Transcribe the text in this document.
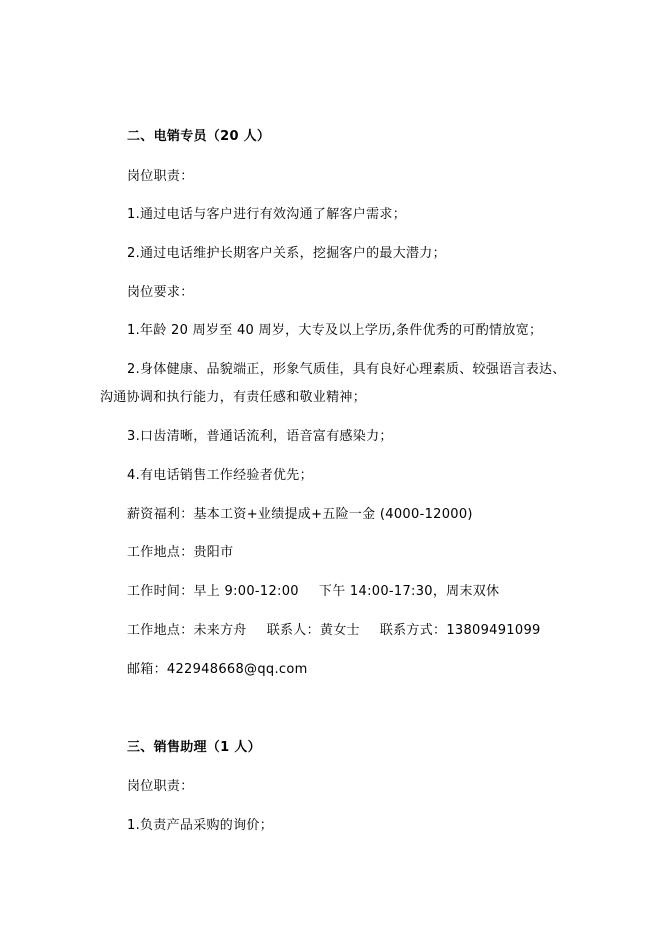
二、电销专员（20 人）
岗位职责：
1.通过电话与客户进行有效沟通了解客户需求；
2.通过电话维护长期客户关系，挖掘客户的最大潜力；
岗位要求：
1.年龄 20 周岁至 40 周岁，大专及以上学历,条件优秀的可酌情放宽；
2.身体健康、品貌端正，形象气质佳，具有良好心理素质、较强语言表达、
沟通协调和执行能力，有责任感和敬业精神；
3.口齿清晰，普通话流利，语音富有感染力；
4.有电话销售工作经验者优先；
薪资福利：基本工资+业绩提成+五险一金 (4000-12000)
工作地点：贵阳市
工作时间：早上 9:00-12:00 下午 14:00-17:30，周末双休
工作地点：未来方舟 联系人：黄女士 联系方式：13809491099
邮箱：422948668@qq.com
三、销售助理（1 人）
岗位职责：
1.负责产品采购的询价；
